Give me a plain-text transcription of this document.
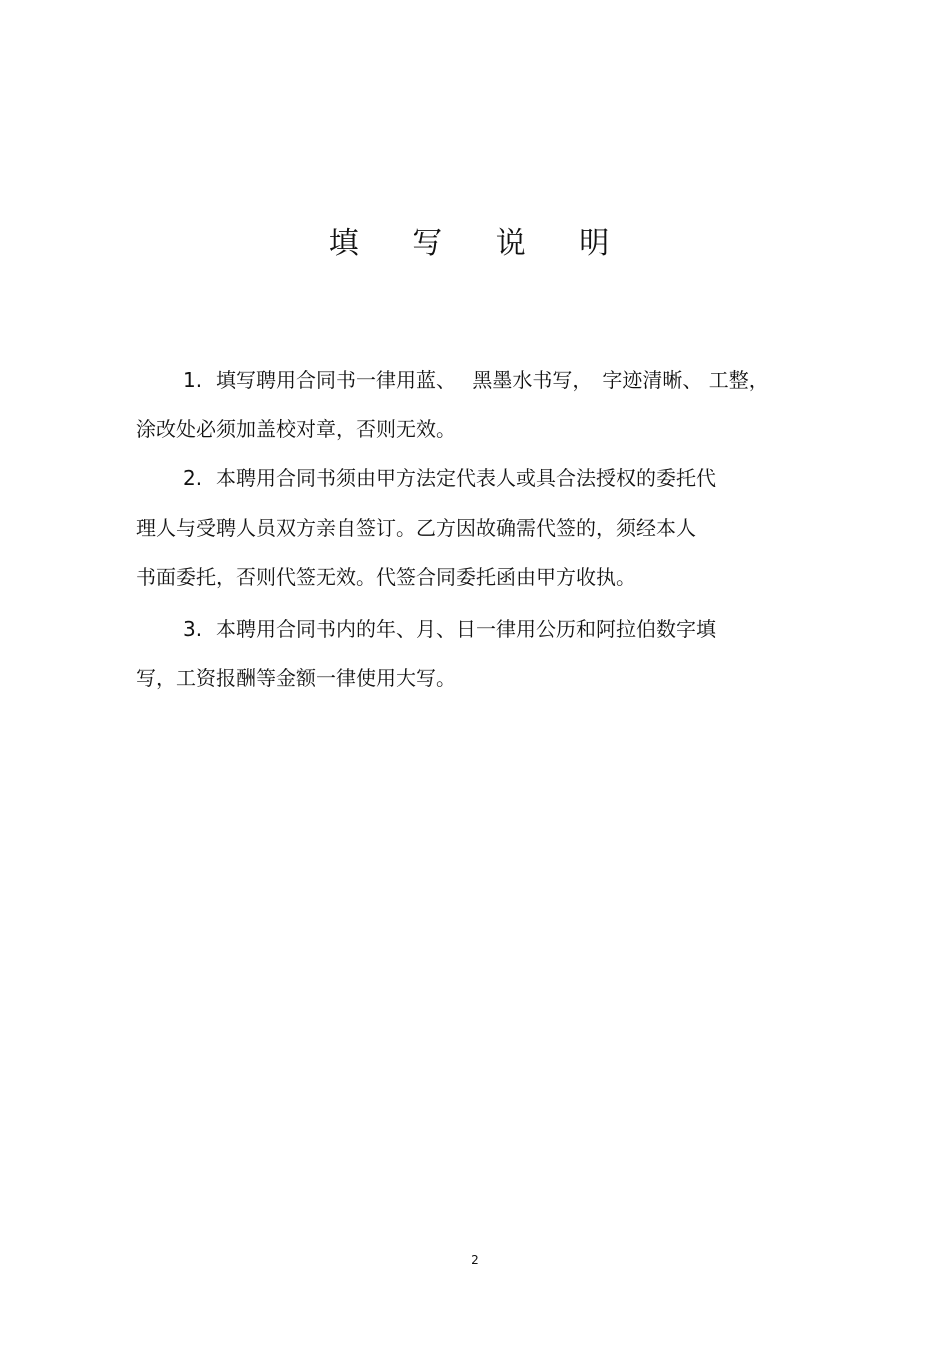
填 写 说 明
1. 填写聘用合同书一律用蓝、　 黑墨水书写，　字迹清晰、 工整，
涂改处必须加盖校对章，否则无效。
2. 本聘用合同书须由甲方法定代表人或具合法授权的委托代
理人与受聘人员双方亲自签订。乙方因故确需代签的，须经本人
书面委托，否则代签无效。代签合同委托函由甲方收执。
3. 本聘用合同书内的年、月、日一律用公历和阿拉伯数字填
写，工资报酬等金额一律使用大写。
2
